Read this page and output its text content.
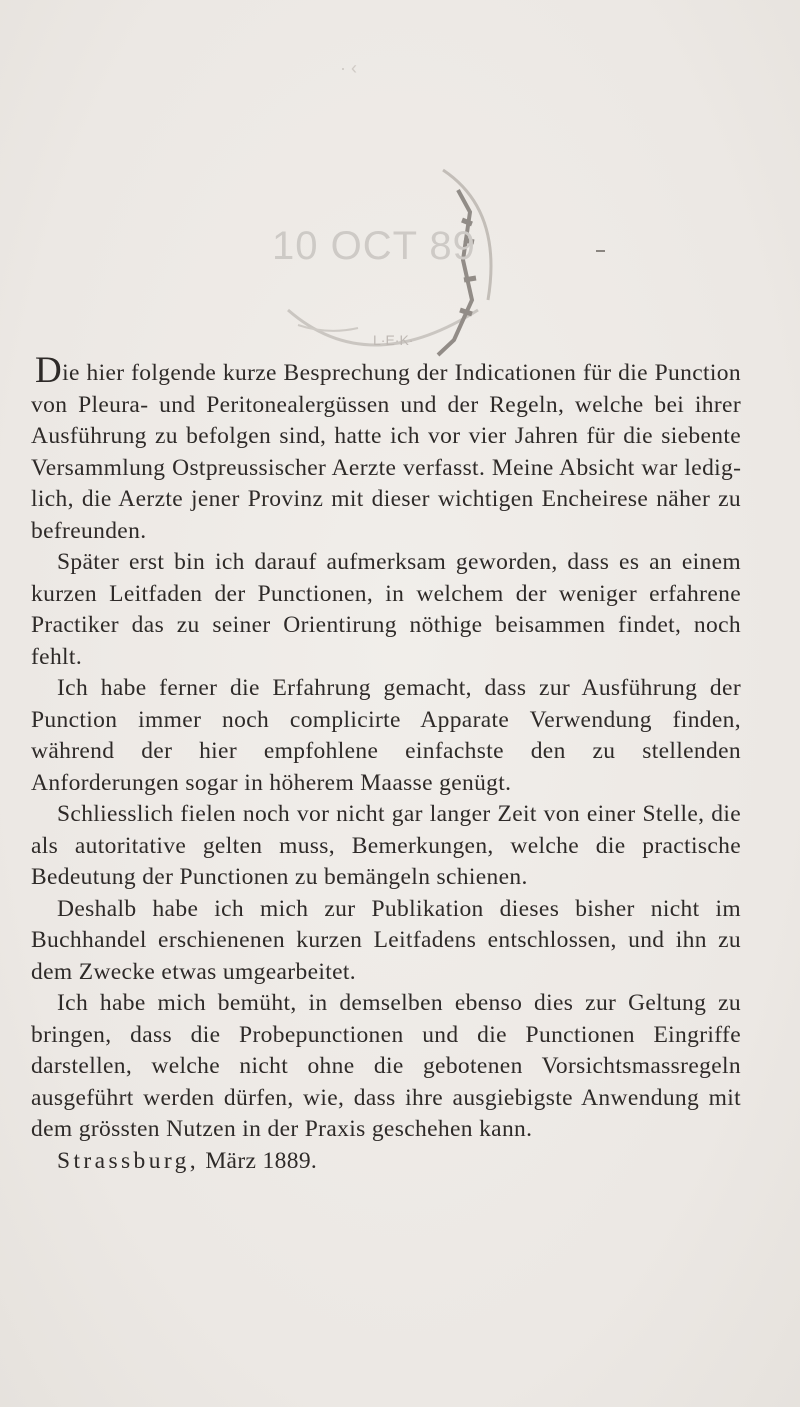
· ‹
L·E·K·
10 OCT 89

Die hier folgende kurze Besprechung der Indicationen für die Punction von Pleura- und Peritonealergüssen und der Regeln, welche bei ihrer Ausführung zu befolgen sind, hatte ich vor vier Jahren für die siebente Versammlung Ostpreussischer Aerzte verfasst. Meine Absicht war lediglich, die Aerzte jener Provinz mit dieser wichtigen Encheirese näher zu befreunden.

Später erst bin ich darauf aufmerksam geworden, dass es an einem kurzen Leitfaden der Punctionen, in welchem der weniger erfahrene Practiker das zu seiner Orientirung nöthige beisammen findet, noch fehlt.

Ich habe ferner die Erfahrung gemacht, dass zur Ausführung der Punction immer noch complicirte Apparate Verwendung finden, während der hier empfohlene einfachste den zu stellenden Anforderungen sogar in höherem Maasse genügt.

Schliesslich fielen noch vor nicht gar langer Zeit von einer Stelle, die als autoritative gelten muss, Bemerkungen, welche die practische Bedeutung der Punctionen zu bemängeln schienen.

Deshalb habe ich mich zur Publikation dieses bisher nicht im Buchhandel erschienenen kurzen Leitfadens entschlossen, und ihn zu dem Zwecke etwas umgearbeitet.

Ich habe mich bemüht, in demselben ebenso dies zur Geltung zu bringen, dass die Probepunctionen und die Punctionen Eingriffe darstellen, welche nicht ohne die gebotenen Vorsichtsmassregeln ausgeführt werden dürfen, wie, dass ihre ausgiebigste Anwendung mit dem grössten Nutzen in der Praxis geschehen kann.

Strassburg, März 1889.
